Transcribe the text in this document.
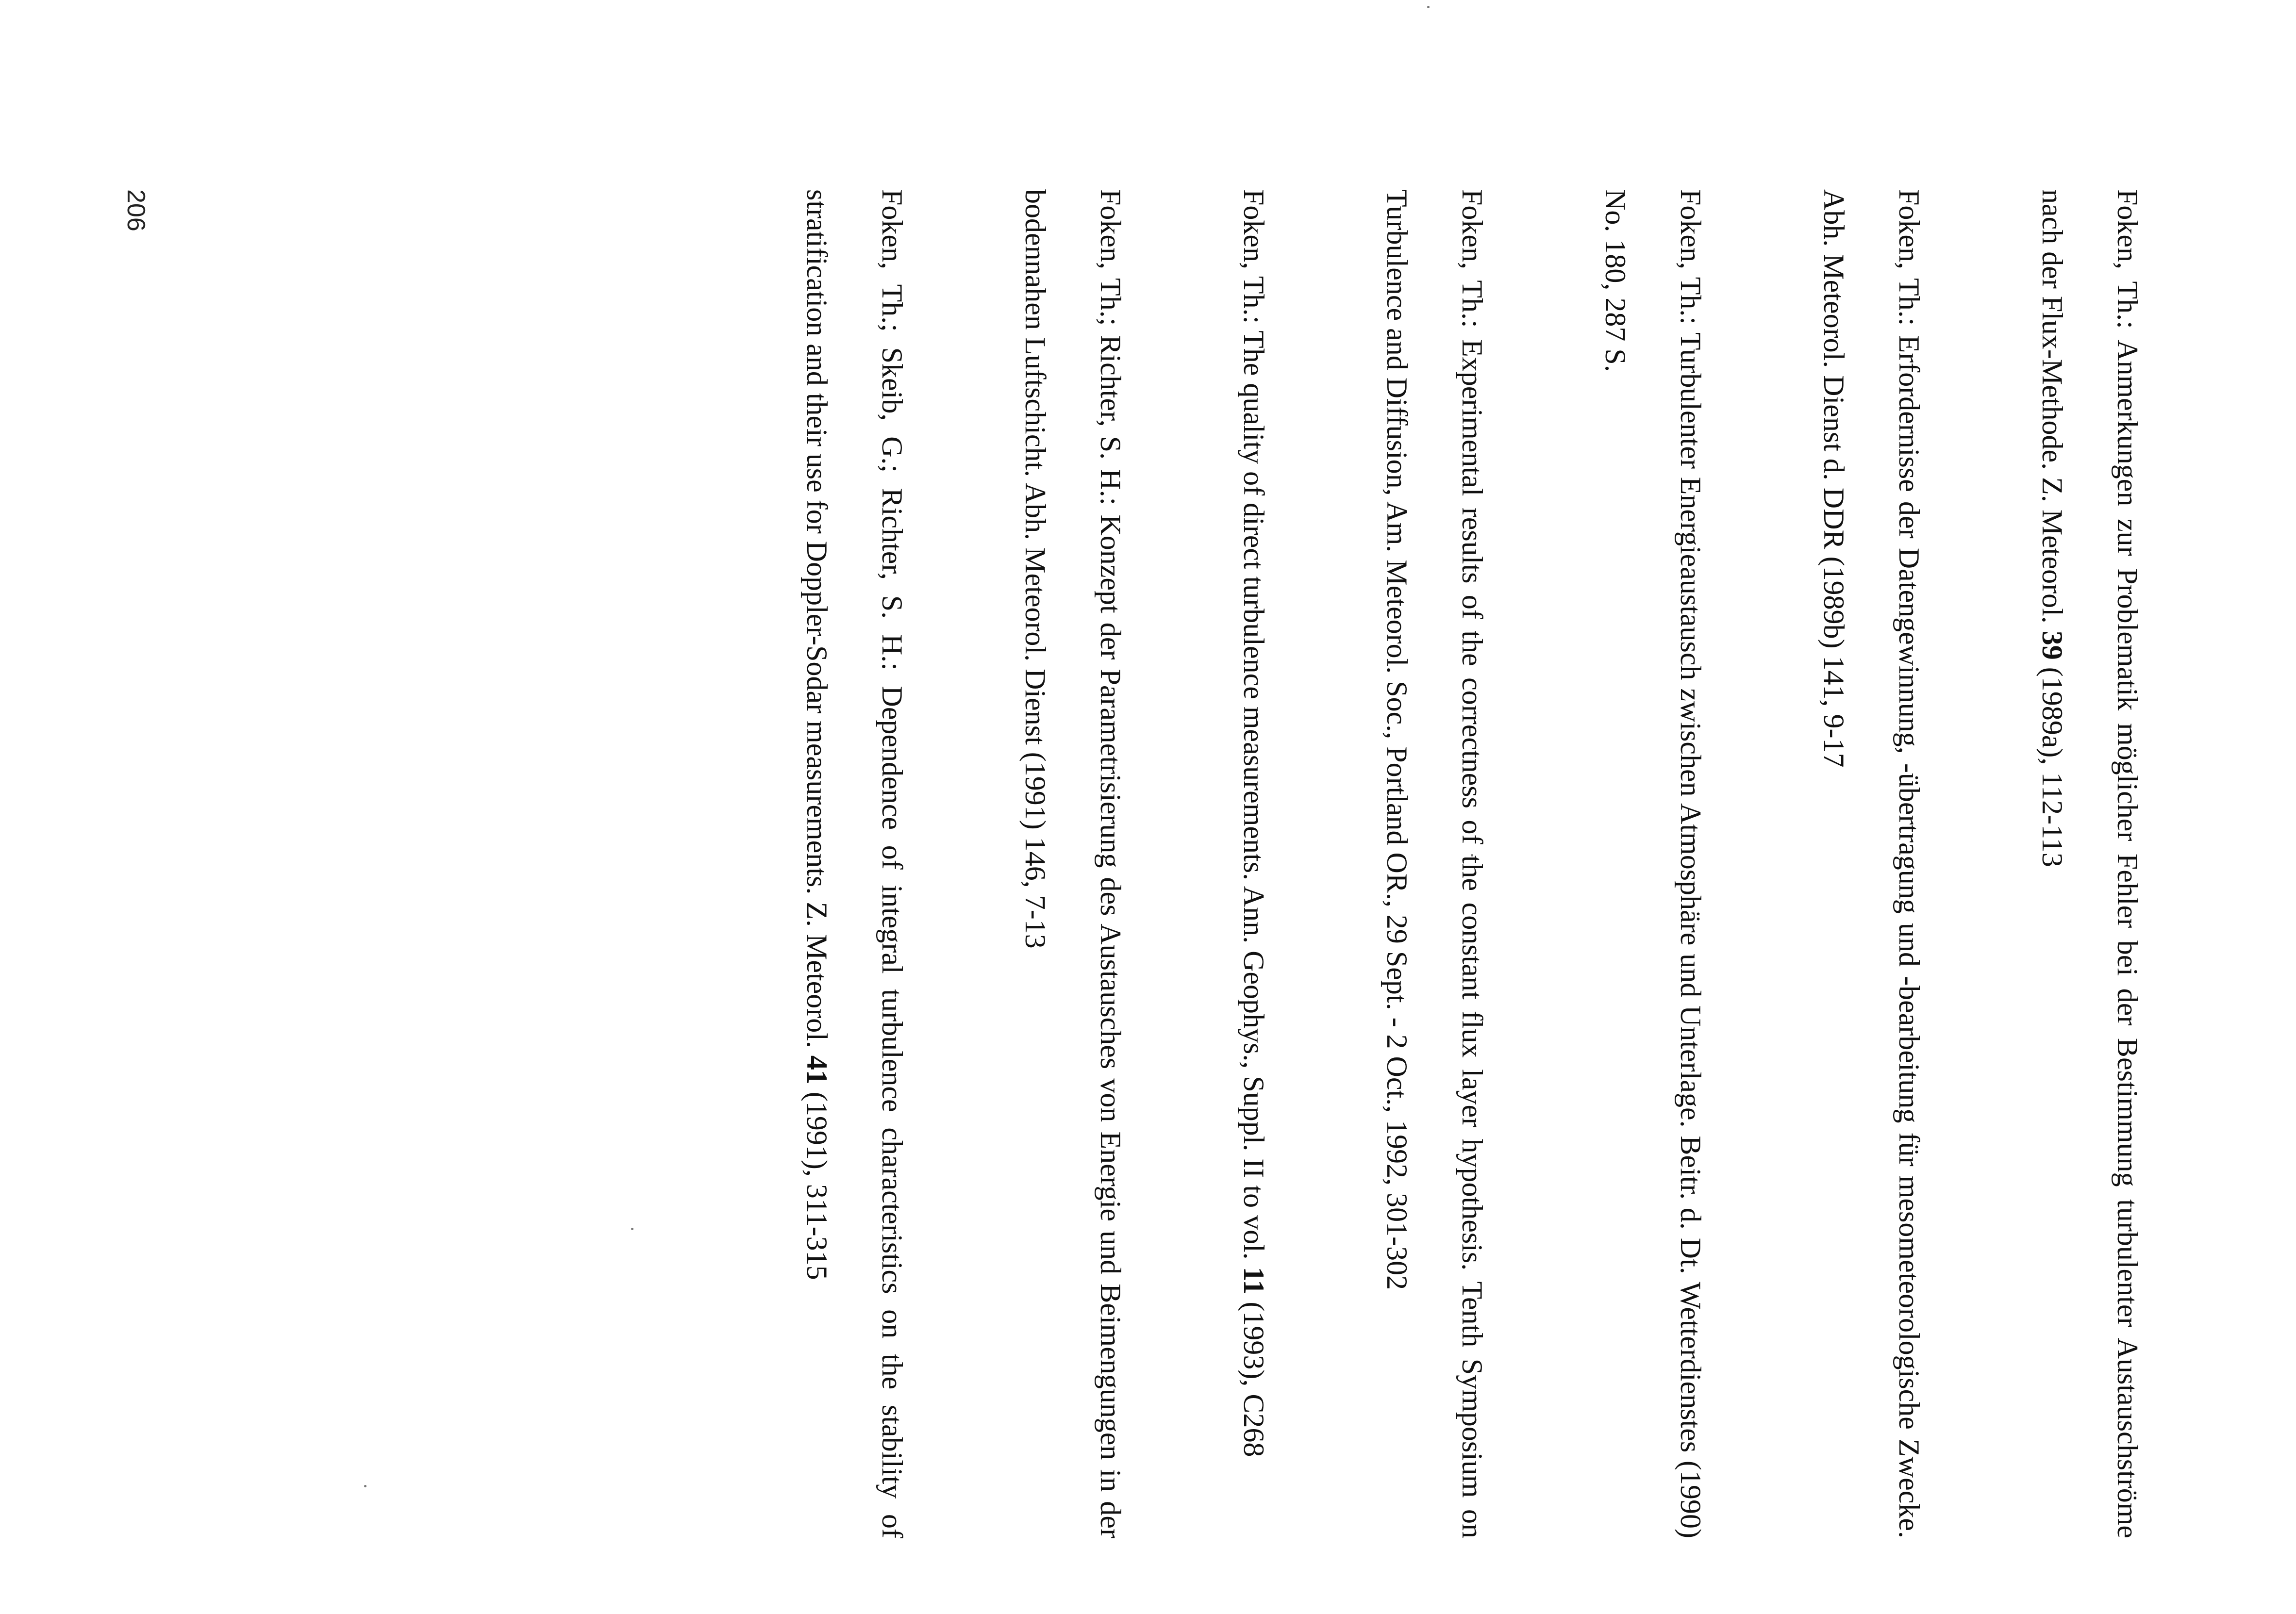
Foken, Th.: Anmerkungen zur Problematik möglicher Fehler bei der Bestimmung turbulenter Austauschströme nach der Flux-Methode. Z. Meteorol. 39 (1989a), 112-113

Foken, Th.: Erfordernisse der Datengewinnung, -übertragung und -bearbeitung für mesometeorologische Zwecke. Abh. Meteorol. Dienst d. DDR (1989b) 141, 9-17

Foken, Th.: Turbulenter Energieaustausch zwischen Atmosphäre und Unterlage. Beitr. d. Dt. Wetterdienstes (1990) No. 180, 287 S.

Foken, Th.: Experimental results of the correctness of the constant flux layer hypothesis. Tenth Symposium on Turbulence and Diffusion, Am. Meteorol. Soc., Portland OR., 29 Sept. - 2 Oct., 1992, 301-302

Foken, Th.: The quality of direct turbulence measurements. Ann. Geophys., Suppl. II to vol. 11 (1993), C268

Foken, Th.; Richter, S. H.: Konzept der Parametrisierung des Austausches von Energie und Beimengungen in der bodennahen Luftschicht. Abh. Meteorol. Dienst (1991) 146, 7-13

Foken, Th.; Skeib, G.; Richter, S. H.: Dependence of integral turbulence characteristics on the stability of stratification and their use for Doppler-Sodar measurements. Z. Meteorol. 41 (1991), 311-315

206
